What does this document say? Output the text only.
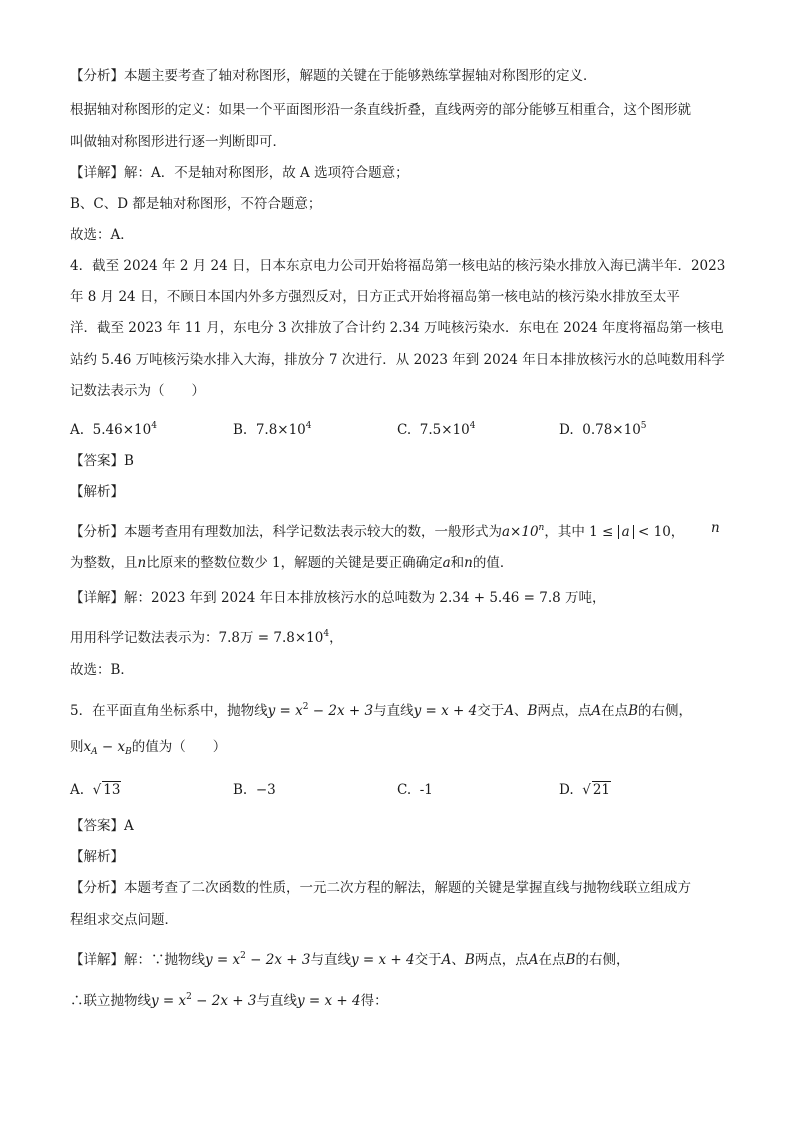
【分析】本题主要考查了轴对称图形，解题的关键在于能够熟练掌握轴对称图形的定义．
根据轴对称图形的定义：如果一个平面图形沿一条直线折叠，直线两旁的部分能够互相重合，这个图形就
叫做轴对称图形进行逐一判断即可．
【详解】解：A．不是轴对称图形，故 A 选项符合题意；
B、C、D 都是轴对称图形，不符合题意；
故选：A．
4．截至 2024 年 2 月 24 日，日本东京电力公司开始将福岛第一核电站的核污染水排放入海已满半年．2023
年 8 月 24 日，不顾日本国内外多方强烈反对，日方正式开始将福岛第一核电站的核污染水排放至太平
洋．截至 2023 年 11 月，东电分 3 次排放了合计约 2.34 万吨核污染水．东电在 2024 年度将福岛第一核电
站约 5.46 万吨核污染水排入大海，排放分 7 次进行．从 2023 年到 2024 年日本排放核污水的总吨数用科学
记数法表示为（　　）
A. $5.46\times 10^4$	B. $7.8\times 10^4$	C. $7.5\times 10^4$	D. $0.78\times 10^5$
【答案】B
【解析】
【分析】本题考查用有理数加法，科学记数法表示较大的数，一般形式为$a\times 10^n$，其中 1 ≤ a < 10， n
为整数，且n比原来的整数位数少 1，解题的关键是要正确确定a和n的值．
【详解】解：2023 年到 2024 年日本排放核污水的总吨数为 2.34 + 5.46 = 7.8 万吨，
用用科学记数法表示为：7.8万 = $7.8\times 10^4$，
故选：B．
5．在平面直角坐标系中，抛物线$y = x^2 - 2x + 3$与直线y = x + 4交于A、B两点，点A在点B的右侧，
则$x_A - x_B$的值为（　　）
A. √ 13	B. −3	C. -1	D. √ 21
【答案】A
【解析】
【分析】本题考查了二次函数的性质，一元二次方程的解法，解题的关键是掌握直线与抛物线联立组成方
程组求交点问题．
【详解】解：∵抛物线$y = x^2 - 2x + 3$与直线y = x + 4交于A、B两点，点A在点B的右侧，
∴联立抛物线$y = x^2 - 2x + 3$与直线y = x + 4得：
